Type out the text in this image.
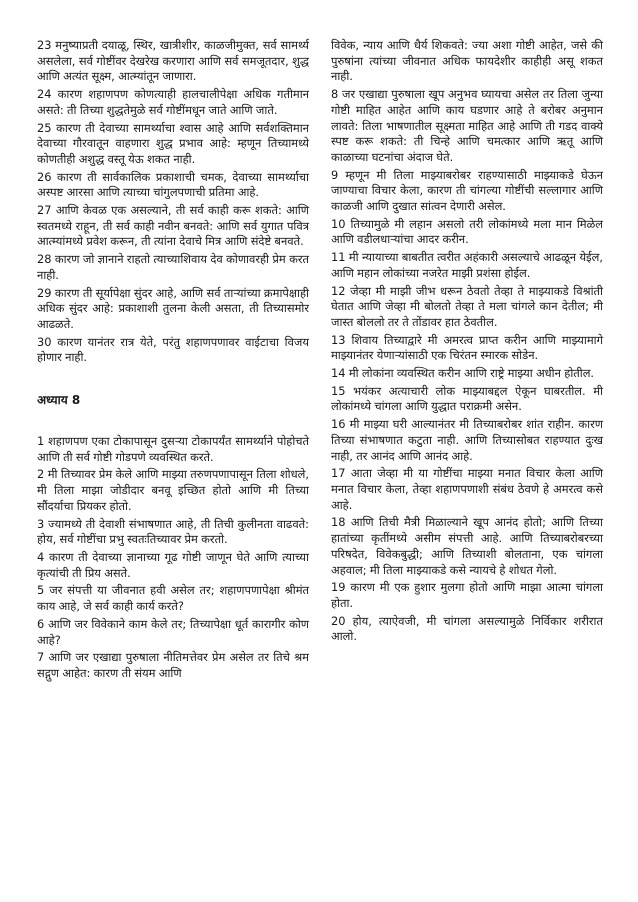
23 मनुष्याप्रती दयाळू, स्थिर, खात्रीशीर, काळजीमुक्त, सर्व सामर्थ्य असलेला, सर्व गोष्टींवर देखरेख करणारा आणि सर्व समजूतदार, शुद्ध आणि अत्यंत सूक्ष्म, आत्म्यांतून जाणारा.

24 कारण शहाणपण कोणत्याही हालचालीपेक्षा अधिक गतीमान असते: ती तिच्या शुद्धतेमुळे सर्व गोष्टींमधून जाते आणि जाते.

25 कारण ती देवाच्या सामर्थ्याचा श्वास आहे आणि सर्वशक्तिमान देवाच्या गौरवातून वाहणारा शुद्ध प्रभाव आहे: म्हणून तिच्यामध्ये कोणतीही अशुद्ध वस्तू येऊ शकत नाही.

26 कारण ती सार्वकालिक प्रकाशाची चमक, देवाच्या सामर्थ्याचा अस्पष्ट आरसा आणि त्याच्या चांगुलपणाची प्रतिमा आहे.

27 आणि केवळ एक असल्याने, ती सर्व काही करू शकते: आणि स्वतमध्ये राहून, ती सर्व काही नवीन बनवते: आणि सर्व युगात पवित्र आत्म्यांमध्ये प्रवेश करून, ती त्यांना देवाचे मित्र आणि संदेष्टे बनवते.

28 कारण जो ज्ञानाने राहतो त्याच्याशिवाय देव कोणावरही प्रेम करत नाही.

29 कारण ती सूर्यापेक्षा सुंदर आहे, आणि सर्व ताऱ्यांच्या क्रमापेक्षाही अधिक सुंदर आहे: प्रकाशाशी तुलना केली असता, ती तिच्यासमोर आढळते.

30 कारण यानंतर रात्र येते, परंतु शहाणपणावर वाईटाचा विजय होणार नाही.

अध्याय 8

1 शहाणपण एका टोकापासून दुसऱ्या टोकापर्यंत सामर्थ्याने पोहोचते आणि ती सर्व गोष्टी गोडपणे व्यवस्थित करते.

2 मी तिच्यावर प्रेम केले आणि माझ्या तरुणपणापासून तिला शोधले, मी तिला माझा जोडीदार बनवू इच्छित होतो आणि मी तिच्या सौंदर्याचा प्रियकर होतो.

3 ज्यामध्ये ती देवाशी संभाषणात आहे, ती तिची कुलीनता वाढवते: होय, सर्व गोष्टींचा प्रभु स्वतःतिच्यावर प्रेम करतो.

4 कारण ती देवाच्या ज्ञानाच्या गूढ गोष्टी जाणून घेते आणि त्याच्या कृत्यांची ती प्रिय असते.

5 जर संपत्ती या जीवनात हवी असेल तर; शहाणपणापेक्षा श्रीमंत काय आहे, जे सर्व काही कार्य करते?

6 आणि जर विवेकाने काम केले तर; तिच्यापेक्षा धूर्त कारागीर कोण आहे?

7 आणि जर एखाद्या पुरुषाला नीतिमत्तेवर प्रेम असेल तर तिचे श्रम सद्गुण आहेत: कारण ती संयम आणि

विवेक, न्याय आणि धैर्य शिकवते: ज्या अशा गोष्टी आहेत, जसे की पुरुषांना त्यांच्या जीवनात अधिक फायदेशीर काहीही असू शकत नाही.

8 जर एखाद्या पुरुषाला खूप अनुभव घ्यायचा असेल तर तिला जुन्या गोष्टी माहित आहेत आणि काय घडणार आहे ते बरोबर अनुमान लावते: तिला भाषणातील सूक्ष्मता माहित आहे आणि ती गडद वाक्ये स्पष्ट करू शकते: ती चिन्हे आणि चमत्कार आणि ऋतू आणि काळाच्या घटनांचा अंदाज घेते.

9 म्हणून मी तिला माझ्याबरोबर राहण्यासाठी माझ्याकडे घेऊन जाण्याचा विचार केला, कारण ती चांगल्या गोष्टींची सल्लागार आणि काळजी आणि दुखात सांत्वन देणारी असेल.

10 तिच्यामुळे मी लहान असलो तरी लोकांमध्ये मला मान मिळेल आणि वडीलधाऱ्यांचा आदर करीन.

11 मी न्यायाच्या बाबतीत त्वरीत अहंकारी असल्याचे आढळून येईल, आणि महान लोकांच्या नजरेत माझी प्रशंसा होईल.

12 जेव्हा मी माझी जीभ धरून ठेवतो तेव्हा ते माझ्याकडे विश्रांती घेतात आणि जेव्हा मी बोलतो तेव्हा ते मला चांगले कान देतील; मी जास्त बोललो तर ते तोंडावर हात ठेवतील.

13 शिवाय तिच्याद्वारे मी अमरत्व प्राप्त करीन आणि माझ्यामागे माझ्यानंतर येणाऱ्यांसाठी एक चिरंतन स्मारक सोडेन.

14 मी लोकांना व्यवस्थित करीन आणि राष्ट्रे माझ्या अधीन होतील.

15 भयंकर अत्याचारी लोक माझ्याबद्दल ऐकून घाबरतील. मी लोकांमध्ये चांगला आणि युद्धात पराक्रमी असेन.

16 मी माझ्या घरी आल्यानंतर मी तिच्याबरोबर शांत राहीन. कारण तिच्या संभाषणात कटुता नाही. आणि तिच्यासोबत राहण्यात दुःख नाही, तर आनंद आणि आनंद आहे.

17 आता जेव्हा मी या गोष्टींचा माझ्या मनात विचार केला आणि मनात विचार केला, तेव्हा शहाणपणाशी संबंध ठेवणे हे अमरत्व कसे आहे.

18 आणि तिची मैत्री मिळाल्याने खूप आनंद होतो; आणि तिच्या हातांच्या कृतींमध्ये असीम संपत्ती आहे. आणि तिच्याबरोबरच्या परिषदेत, विवेकबुद्धी; आणि तिच्याशी बोलताना, एक चांगला अहवाल; मी तिला माझ्याकडे कसे न्यायचे हे शोधत गेलो.

19 कारण मी एक हुशार मुलगा होतो आणि माझा आत्मा चांगला होता.

20 होय, त्याऐवजी, मी चांगला असल्यामुळे निर्विकार शरीरात आलो.
